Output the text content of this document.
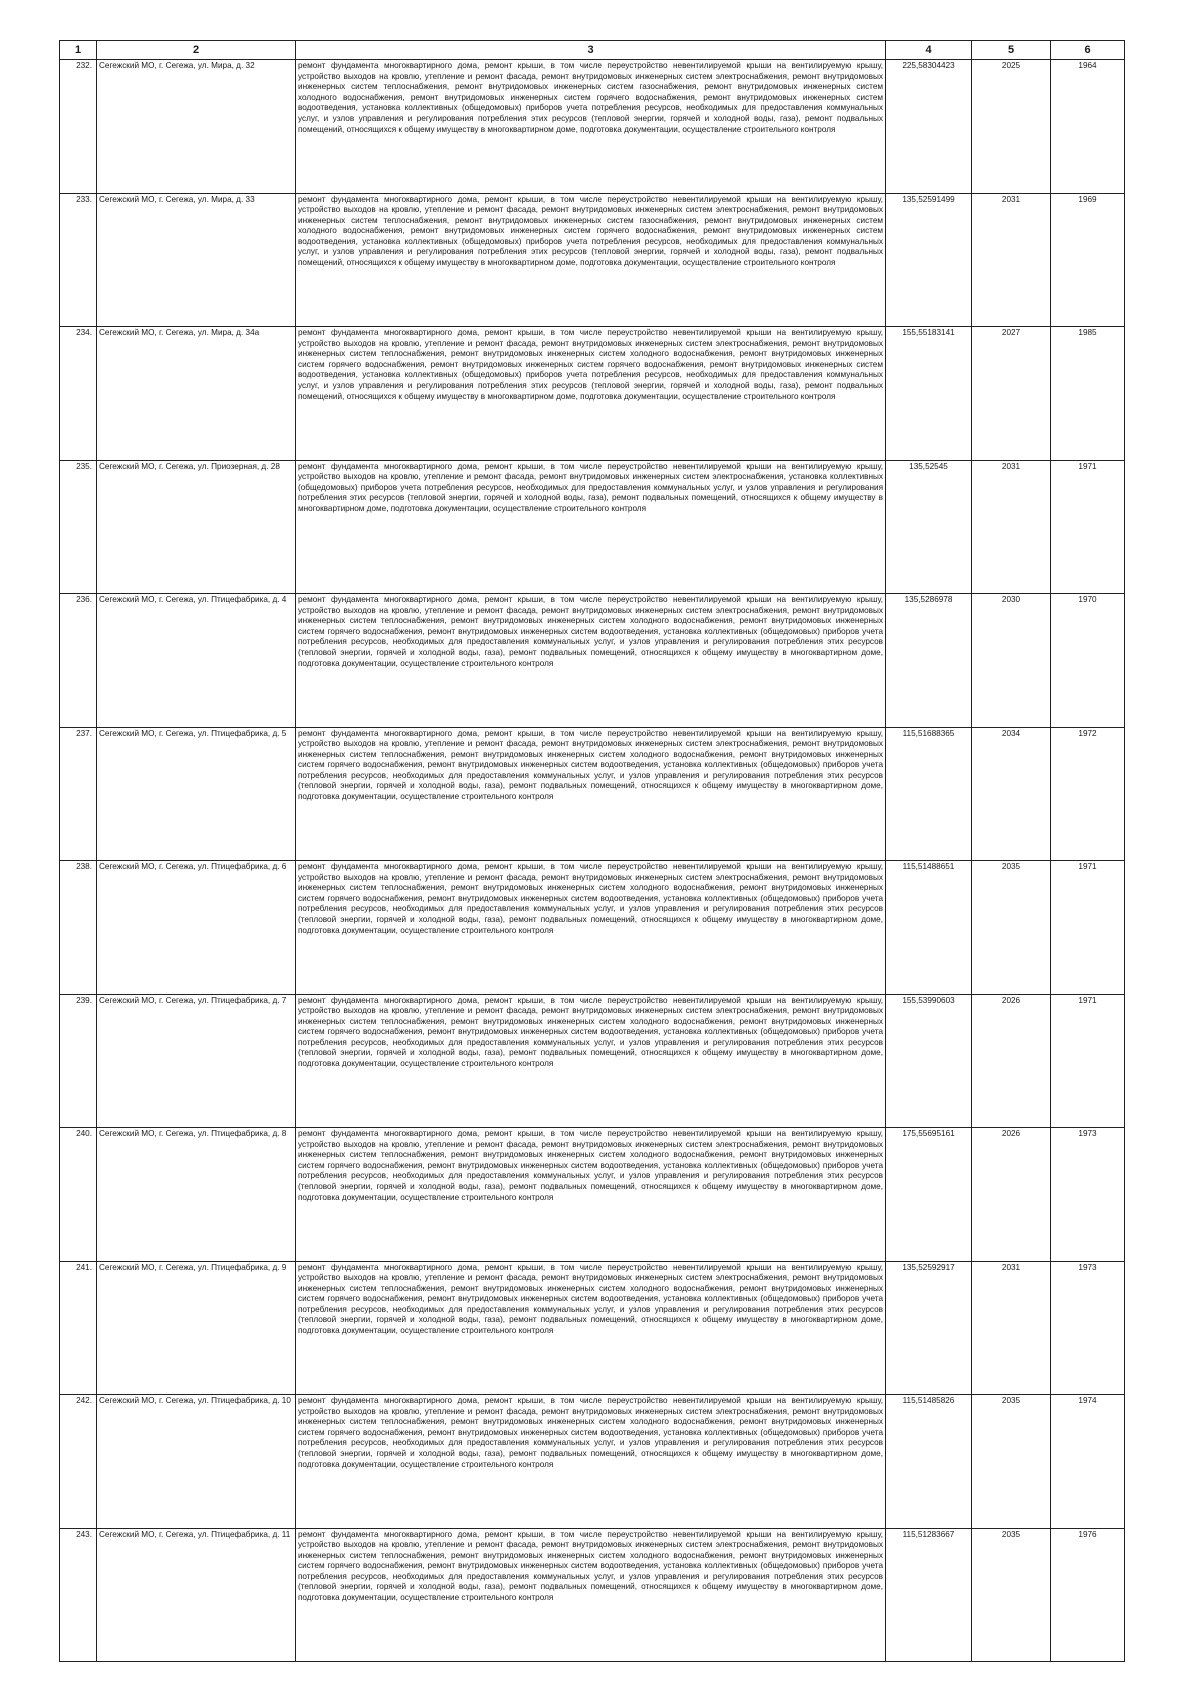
1	2	3	4	5	6
232.	Сегежский МО, г. Сегежа, ул. Мира, д. 32	ремонт фундамента многоквартирного дома, ремонт крыши, в том числе переустройство невентилируемой крыши на вентилируемую крышу, устройство выходов на кровлю, утепление и ремонт фасада, ремонт внутридомовых инженерных систем электроснабжения, ремонт внутридомовых инженерных систем теплоснабжения, ремонт внутридомовых инженерных систем газоснабжения, ремонт внутридомовых инженерных систем холодного водоснабжения, ремонт внутридомовых инженерных систем горячего водоснабжения, ремонт внутридомовых инженерных систем водоотведения, установка коллективных (общедомовых) приборов учета потребления ресурсов, необходимых для предоставления коммунальных услуг, и узлов управления и регулирования потребления этих ресурсов (тепловой энергии, горячей и холодной воды, газа), ремонт подвальных помещений, относящихся к общему имуществу в многоквартирном доме, подготовка документации, осуществление строительного контроля	225,58304423	2025	1964
233.	Сегежский МО, г. Сегежа, ул. Мира, д. 33	ремонт фундамента многоквартирного дома, ремонт крыши, в том числе переустройство невентилируемой крыши на вентилируемую крышу, устройство выходов на кровлю, утепление и ремонт фасада, ремонт внутридомовых инженерных систем электроснабжения, ремонт внутридомовых инженерных систем теплоснабжения, ремонт внутридомовых инженерных систем газоснабжения, ремонт внутридомовых инженерных систем холодного водоснабжения, ремонт внутридомовых инженерных систем горячего водоснабжения, ремонт внутридомовых инженерных систем водоотведения, установка коллективных (общедомовых) приборов учета потребления ресурсов, необходимых для предоставления коммунальных услуг, и узлов управления и регулирования потребления этих ресурсов (тепловой энергии, горячей и холодной воды, газа), ремонт подвальных помещений, относящихся к общему имуществу в многоквартирном доме, подготовка документации, осуществление строительного контроля	135,52591499	2031	1969
234.	Сегежский МО, г. Сегежа, ул. Мира, д. 34а	ремонт фундамента многоквартирного дома, ремонт крыши, в том числе переустройство невентилируемой крыши на вентилируемую крышу, устройство выходов на кровлю, утепление и ремонт фасада, ремонт внутридомовых инженерных систем электроснабжения, ремонт внутридомовых инженерных систем теплоснабжения, ремонт внутридомовых инженерных систем холодного водоснабжения, ремонт внутридомовых инженерных систем горячего водоснабжения, ремонт внутридомовых инженерных систем горячего водоснабжения, ремонт внутридомовых инженерных систем водоотведения, установка коллективных (общедомовых) приборов учета потребления ресурсов, необходимых для предоставления коммунальных услуг, и узлов управления и регулирования потребления этих ресурсов (тепловой энергии, горячей и холодной воды, газа), ремонт подвальных помещений, относящихся к общему имуществу в многоквартирном доме, подготовка документации, осуществление строительного контроля	155,55183141	2027	1985
235.	Сегежский МО, г. Сегежа, ул. Приозерная, д. 28	ремонт фундамента многоквартирного дома, ремонт крыши, в том числе переустройство невентилируемой крыши на вентилируемую крышу, устройство выходов на кровлю, утепление и ремонт фасада, ремонт внутридомовых инженерных систем электроснабжения, установка коллективных (общедомовых) приборов учета потребления ресурсов, необходимых для предоставления коммунальных услуг, и узлов управления и регулирования потребления этих ресурсов (тепловой энергии, горячей и холодной воды, газа), ремонт подвальных помещений, относящихся к общему имуществу в многоквартирном доме, подготовка документации, осуществление строительного контроля	135,52545	2031	1971
236.	Сегежский МО, г. Сегежа, ул. Птицефабрика, д. 4	ремонт фундамента многоквартирного дома, ремонт крыши, в том числе переустройство невентилируемой крыши на вентилируемую крышу, устройство выходов на кровлю, утепление и ремонт фасада, ремонт внутридомовых инженерных систем электроснабжения, ремонт внутридомовых инженерных систем теплоснабжения, ремонт внутридомовых инженерных систем холодного водоснабжения, ремонт внутридомовых инженерных систем горячего водоснабжения, ремонт внутридомовых инженерных систем водоотведения, установка коллективных (общедомовых) приборов учета потребления ресурсов, необходимых для предоставления коммунальных услуг, и узлов управления и регулирования потребления этих ресурсов (тепловой энергии, горячей и холодной воды, газа), ремонт подвальных помещений, относящихся к общему имуществу в многоквартирном доме, подготовка документации, осуществление строительного контроля	135,5286978	2030	1970
237.	Сегежский МО, г. Сегежа, ул. Птицефабрика, д. 5	ремонт фундамента многоквартирного дома, ремонт крыши, в том числе переустройство невентилируемой крыши на вентилируемую крышу, устройство выходов на кровлю, утепление и ремонт фасада, ремонт внутридомовых инженерных систем электроснабжения, ремонт внутридомовых инженерных систем теплоснабжения, ремонт внутридомовых инженерных систем холодного водоснабжения, ремонт внутридомовых инженерных систем горячего водоснабжения, ремонт внутридомовых инженерных систем водоотведения, установка коллективных (общедомовых) приборов учета потребления ресурсов, необходимых для предоставления коммунальных услуг, и узлов управления и регулирования потребления этих ресурсов (тепловой энергии, горячей и холодной воды, газа), ремонт подвальных помещений, относящихся к общему имуществу в многоквартирном доме, подготовка документации, осуществление строительного контроля	115,51688365	2034	1972
238.	Сегежский МО, г. Сегежа, ул. Птицефабрика, д. 6	ремонт фундамента многоквартирного дома, ремонт крыши, в том числе переустройство невентилируемой крыши на вентилируемую крышу, устройство выходов на кровлю, утепление и ремонт фасада, ремонт внутридомовых инженерных систем электроснабжения, ремонт внутридомовых инженерных систем теплоснабжения, ремонт внутридомовых инженерных систем холодного водоснабжения, ремонт внутридомовых инженерных систем горячего водоснабжения, ремонт внутридомовых инженерных систем водоотведения, установка коллективных (общедомовых) приборов учета потребления ресурсов, необходимых для предоставления коммунальных услуг, и узлов управления и регулирования потребления этих ресурсов (тепловой энергии, горячей и холодной воды, газа), ремонт подвальных помещений, относящихся к общему имуществу в многоквартирном доме, подготовка документации, осуществление строительного контроля	115,51488651	2035	1971
239.	Сегежский МО, г. Сегежа, ул. Птицефабрика, д. 7	ремонт фундамента многоквартирного дома, ремонт крыши, в том числе переустройство невентилируемой крыши на вентилируемую крышу, устройство выходов на кровлю, утепление и ремонт фасада, ремонт внутридомовых инженерных систем электроснабжения, ремонт внутридомовых инженерных систем теплоснабжения, ремонт внутридомовых инженерных систем холодного водоснабжения, ремонт внутридомовых инженерных систем горячего водоснабжения, ремонт внутридомовых инженерных систем водоотведения, установка коллективных (общедомовых) приборов учета потребления ресурсов, необходимых для предоставления коммунальных услуг, и узлов управления и регулирования потребления этих ресурсов (тепловой энергии, горячей и холодной воды, газа), ремонт подвальных помещений, относящихся к общему имуществу в многоквартирном доме, подготовка документации, осуществление строительного контроля	155,53990603	2026	1971
240.	Сегежский МО, г. Сегежа, ул. Птицефабрика, д. 8	ремонт фундамента многоквартирного дома, ремонт крыши, в том числе переустройство невентилируемой крыши на вентилируемую крышу, устройство выходов на кровлю, утепление и ремонт фасада, ремонт внутридомовых инженерных систем электроснабжения, ремонт внутридомовых инженерных систем теплоснабжения, ремонт внутридомовых инженерных систем холодного водоснабжения, ремонт внутридомовых инженерных систем горячего водоснабжения, ремонт внутридомовых инженерных систем водоотведения, установка коллективных (общедомовых) приборов учета потребления ресурсов, необходимых для предоставления коммунальных услуг, и узлов управления и регулирования потребления этих ресурсов (тепловой энергии, горячей и холодной воды, газа), ремонт подвальных помещений, относящихся к общему имуществу в многоквартирном доме, подготовка документации, осуществление строительного контроля	175,55695161	2026	1973
241.	Сегежский МО, г. Сегежа, ул. Птицефабрика, д. 9	ремонт фундамента многоквартирного дома, ремонт крыши, в том числе переустройство невентилируемой крыши на вентилируемую крышу, устройство выходов на кровлю, утепление и ремонт фасада, ремонт внутридомовых инженерных систем электроснабжения, ремонт внутридомовых инженерных систем теплоснабжения, ремонт внутридомовых инженерных систем холодного водоснабжения, ремонт внутридомовых инженерных систем горячего водоснабжения, ремонт внутридомовых инженерных систем водоотведения, установка коллективных (общедомовых) приборов учета потребления ресурсов, необходимых для предоставления коммунальных услуг, и узлов управления и регулирования потребления этих ресурсов (тепловой энергии, горячей и холодной воды, газа), ремонт подвальных помещений, относящихся к общему имуществу в многоквартирном доме, подготовка документации, осуществление строительного контроля	135,52592917	2031	1973
242.	Сегежский МО, г. Сегежа, ул. Птицефабрика, д. 10	ремонт фундамента многоквартирного дома, ремонт крыши, в том числе переустройство невентилируемой крыши на вентилируемую крышу, устройство выходов на кровлю, утепление и ремонт фасада, ремонт внутридомовых инженерных систем электроснабжения, ремонт внутридомовых инженерных систем теплоснабжения, ремонт внутридомовых инженерных систем холодного водоснабжения, ремонт внутридомовых инженерных систем горячего водоснабжения, ремонт внутридомовых инженерных систем водоотведения, установка коллективных (общедомовых) приборов учета потребления ресурсов, необходимых для предоставления коммунальных услуг, и узлов управления и регулирования потребления этих ресурсов (тепловой энергии, горячей и холодной воды, газа), ремонт подвальных помещений, относящихся к общему имуществу в многоквартирном доме, подготовка документации, осуществление строительного контроля	115,51485826	2035	1974
243.	Сегежский МО, г. Сегежа, ул. Птицефабрика, д. 11	ремонт фундамента многоквартирного дома, ремонт крыши, в том числе переустройство невентилируемой крыши на вентилируемую крышу, устройство выходов на кровлю, утепление и ремонт фасада, ремонт внутридомовых инженерных систем электроснабжения, ремонт внутридомовых инженерных систем теплоснабжения, ремонт внутридомовых инженерных систем холодного водоснабжения, ремонт внутридомовых инженерных систем горячего водоснабжения, ремонт внутридомовых инженерных систем водоотведения, установка коллективных (общедомовых) приборов учета потребления ресурсов, необходимых для предоставления коммунальных услуг, и узлов управления и регулирования потребления этих ресурсов (тепловой энергии, горячей и холодной воды, газа), ремонт подвальных помещений, относящихся к общему имуществу в многоквартирном доме, подготовка документации, осуществление строительного контроля	115,51283667	2035	1976
